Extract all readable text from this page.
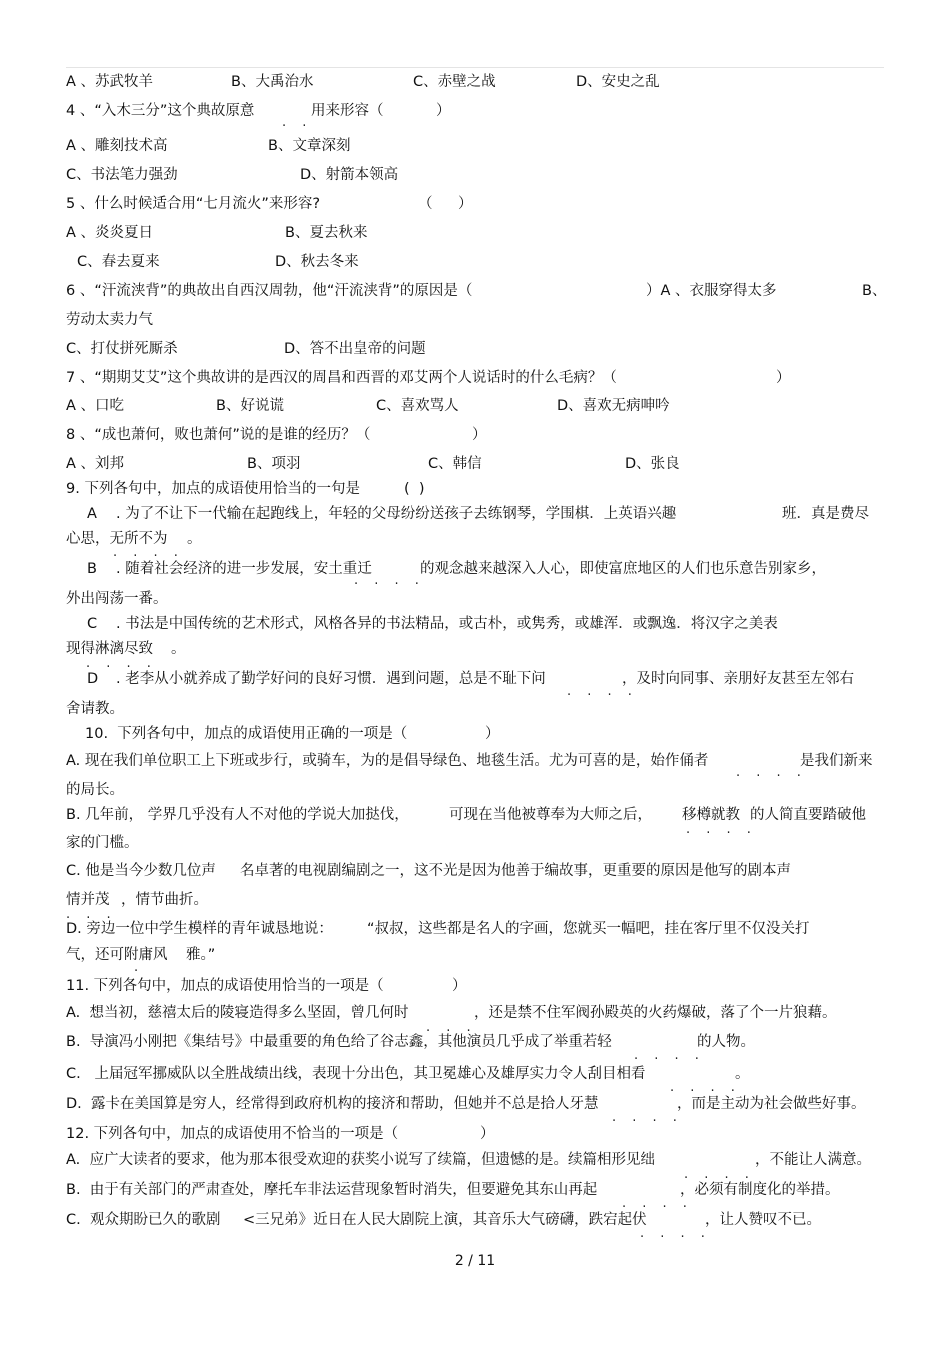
A 、苏武牧羊	B、大禹治水	C、赤壁之战	D、安史之乱
4 、“入木三分”这个典故原意	用来形容（	）
A 、雕刻技术高	B、文章深刻
C、书法笔力强劲	D、射箭本领高
5 、什么时候适合用“七月流火”来形容?	（ ）
A 、炎炎夏日	B、夏去秋来
C、春去夏来	D、秋去冬来
6 、“汗流浃背”的典故出自西汉周勃，他“汗流浃背”的原因是（	）A 、衣服穿得太多	B、
劳动太卖力气
C、打仗拼死厮杀	D、答不出皇帝的问题
7 、“期期艾艾”这个典故讲的是西汉的周昌和西晋的邓艾两个人说话时的什么毛病？（	）
A 、口吃	B、好说谎	C、喜欢骂人	D、喜欢无病呻吟
8 、“成也萧何，败也萧何”说的是谁的经历？（	）
A 、刘邦	B、项羽	C、韩信	D、张良
9. 下列各句中，加点的成语使用恰当的一句是	(  )
A . 为了不让下一代输在起跑线上，年轻的父母纷纷送孩子去练钢琴，学围棋．上英语兴趣	班．真是费尽
心思，无所不为 。
B . 随着社会经济的进一步发展，安土重迁	的观念越来越深入人心，即使富庶地区的人们也乐意告别家乡，
外出闯荡一番。
C . 书法是中国传统的艺术形式，风格各异的书法精品，或古朴，或隽秀，或雄浑．或飘逸．将汉字之美表
现得淋漓尽致 。
D . 老李从小就养成了勤学好问的良好习惯．遇到问题，总是不耻下问	，及时向同事、亲朋好友甚至左邻右
舍请教。
10.  下列各句中，加点的成语使用正确的一项是（	）
A. 现在我们单位职工上下班或步行，或骑车，为的是倡导绿色、地毯生活。尤为可喜的是，始作俑者	是我们新来
的局长。
B. 几年前， 学界几乎没有人不对他的学说大加挞伐，	可现在当他被尊奉为大师之后， 移樽就教 的人简直要踏破他
家的门槛。
C. 他是当今少数几位声 名卓著的电视剧编剧之一，这不光是因为他善于编故事，更重要的原因是他写的剧本声
情并茂 ，情节曲折。
D. 旁边一位中学生模样的青年诚恳地说： “叔叔，这些都是名人的字画，您就买一幅吧，挂在客厅里不仅没关打
气，还可附庸风 雅。”
11. 下列各句中，加点的成语使用恰当的一项是（	）
A.  想当初，慈禧太后的陵寝造得多么坚固，曾几何时	，还是禁不住军阀孙殿英的火药爆破，落了个一片狼藉。
B.  导演冯小刚把《集结号》中最重要的角色给了谷志鑫，其他演员几乎成了举重若轻	的人物。
C.   上届冠军挪威队以全胜战绩出线，表现十分出色，其卫冕雄心及雄厚实力令人刮目相看	。
D.  露卡在美国算是穷人，经常得到政府机构的接济和帮助，但她并不总是拾人牙慧	，而是主动为社会做些好事。
12. 下列各句中，加点的成语使用不恰当的一项是（	）
A.  应广大读者的要求，他为那本很受欢迎的获奖小说写了续篇，但遗憾的是。续篇相形见绌	，不能让人满意。
B.  由于有关部门的严肃查处，摩托车非法运营现象暂时消失，但要避免其东山再起	，必须有制度化的举措。
C.  观众期盼已久的歌剧 <三兄弟》近日在人民大剧院上演，其音乐大气磅礴，跌宕起伏	，让人赞叹不已。
. .
. . . .
. . . .
. . . .
. . . .
. . . .
. . . .
. . .
.
. . .
. . . .
. . . .
. . . .
. . . .
. . . .
. . . .
2 / 11
